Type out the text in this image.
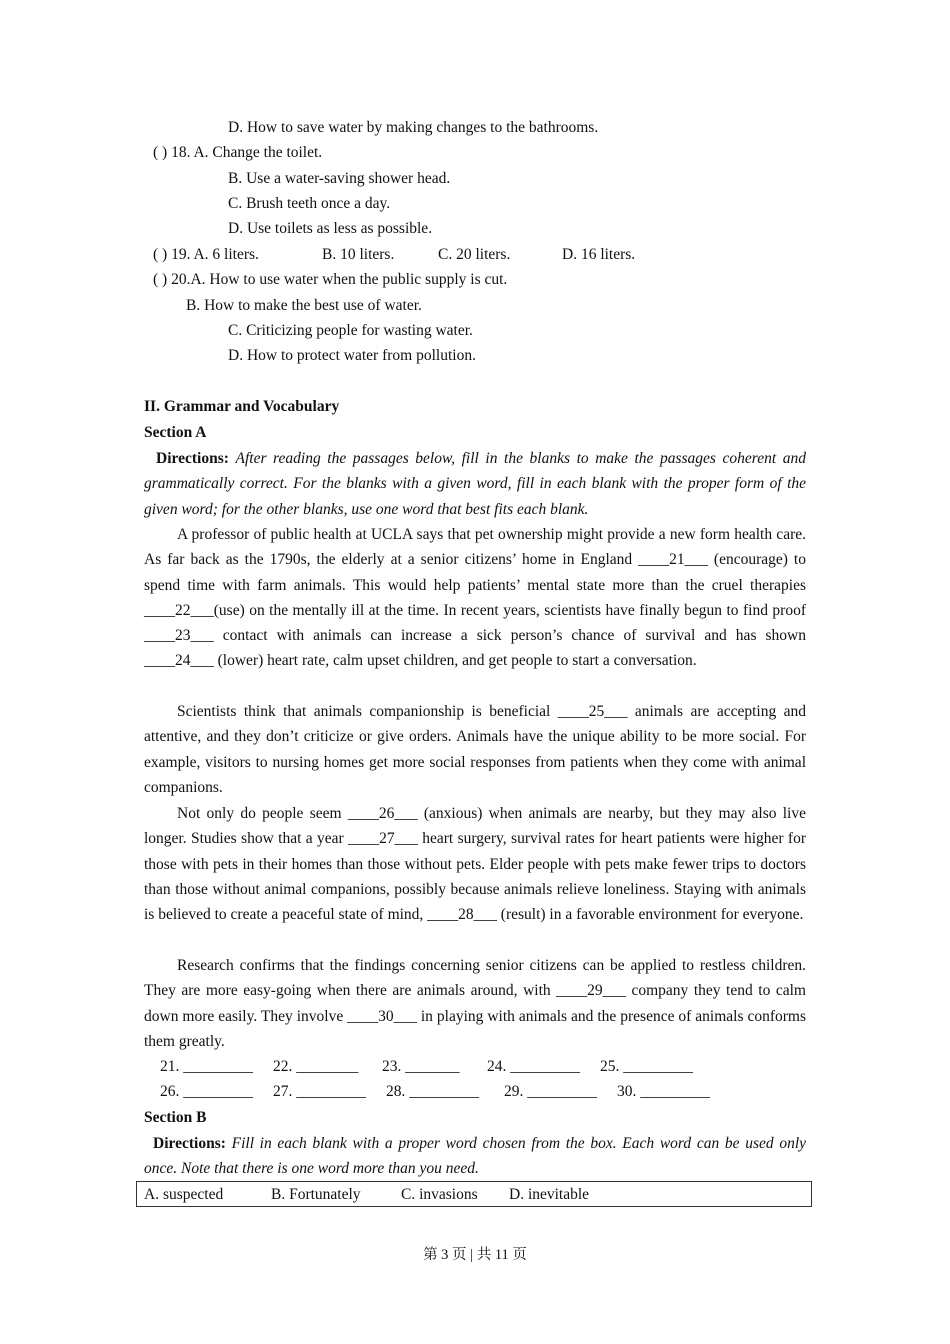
D. How to save water by making changes to the bathrooms.
( ) 18. A. Change the toilet.
B. Use a water-saving shower head.
C. Brush teeth once a day.
D. Use toilets as less as possible.
( ) 19. A. 6 liters.	B. 10 liters.	C. 20 liters.	D. 16 liters.
( ) 20.A. How to use water when the public supply is cut.
B. How to make the best use of water.
C. Criticizing people for wasting water.
D. How to protect water from pollution.
II. Grammar and Vocabulary
Section A

Directions: After reading the passages below, fill in the blanks to make the passages coherent and grammatically correct. For the blanks with a given word, fill in each blank with the proper form of the given word; for the other blanks, use one word that best fits each blank.

A professor of public health at UCLA says that pet ownership might provide a new form health care. As far back as the 1790s, the elderly at a senior citizens’ home in England ____21___ (encourage) to spend time with farm animals. This would help patients’ mental state more than the cruel therapies ____22___(use) on the mentally ill at the time. In recent years, scientists have finally begun to find proof ____23___ contact with animals can increase a sick person’s chance of survival and has shown ____24___ (lower) heart rate, calm upset children, and get people to start a conversation.

Scientists think that animals companionship is beneficial ____25___ animals are accepting and attentive, and they don’t criticize or give orders. Animals have the unique ability to be more social. For example, visitors to nursing homes get more social responses from patients when they come with animal companions.

Not only do people seem ____26___ (anxious) when animals are nearby, but they may also live longer. Studies show that a year ____27___ heart surgery, survival rates for heart patients were higher for those with pets in their homes than those without pets. Elder people with pets make fewer trips to doctors than those without animal companions, possibly because animals relieve loneliness. Staying with animals is believed to create a peaceful state of mind, ____28___ (result) in a favorable environment for everyone.

Research confirms that the findings concerning senior citizens can be applied to restless children. They are more easy-going when there are animals around, with ____29___ company they tend to calm down more easily. They involve ____30___ in playing with animals and the presence of animals conforms them greatly.

21. _________ 22. ________ 23. _______ 24. _________ 25. _________
26. _________ 27. _________ 28. _________ 29. _________ 30. _________
Section B

Directions: Fill in each blank with a proper word chosen from the box. Each word can be used only once. Note that there is one word more than you need.

A. suspected	B. Fortunately	C. invasions D. inevitable
第 3 页 | 共 11 页
